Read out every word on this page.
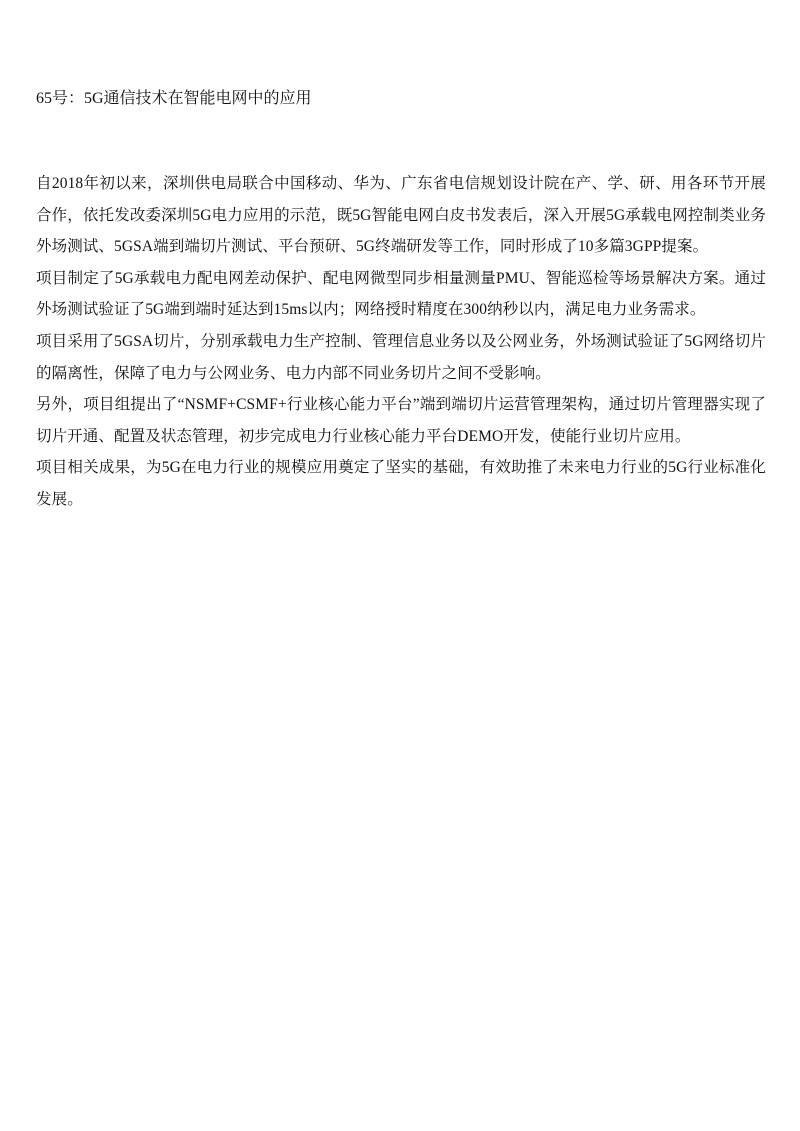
65号：5G通信技术在智能电网中的应用

自2018年初以来，深圳供电局联合中国移动、华为、广东省电信规划设计院在产、学、研、用各环节开展合作，依托发改委深圳5G电力应用的示范，既5G智能电网白皮书发表后，深入开展5G承载电网控制类业务外场测试、5GSA端到端切片测试、平台预研、5G终端研发等工作，同时形成了10多篇3GPP提案。

项目制定了5G承载电力配电网差动保护、配电网微型同步相量测量PMU、智能巡检等场景解决方案。通过外场测试验证了5G端到端时延达到15ms以内；网络授时精度在300纳秒以内，满足电力业务需求。

项目采用了5GSA切片，分别承载电力生产控制、管理信息业务以及公网业务，外场测试验证了5G网络切片的隔离性，保障了电力与公网业务、电力内部不同业务切片之间不受影响。

另外，项目组提出了“NSMF+CSMF+行业核心能力平台”端到端切片运营管理架构，通过切片管理器实现了切片开通、配置及状态管理，初步完成电力行业核心能力平台DEMO开发，使能行业切片应用。

项目相关成果，为5G在电力行业的规模应用奠定了坚实的基础，有效助推了未来电力行业的5G行业标准化发展。
